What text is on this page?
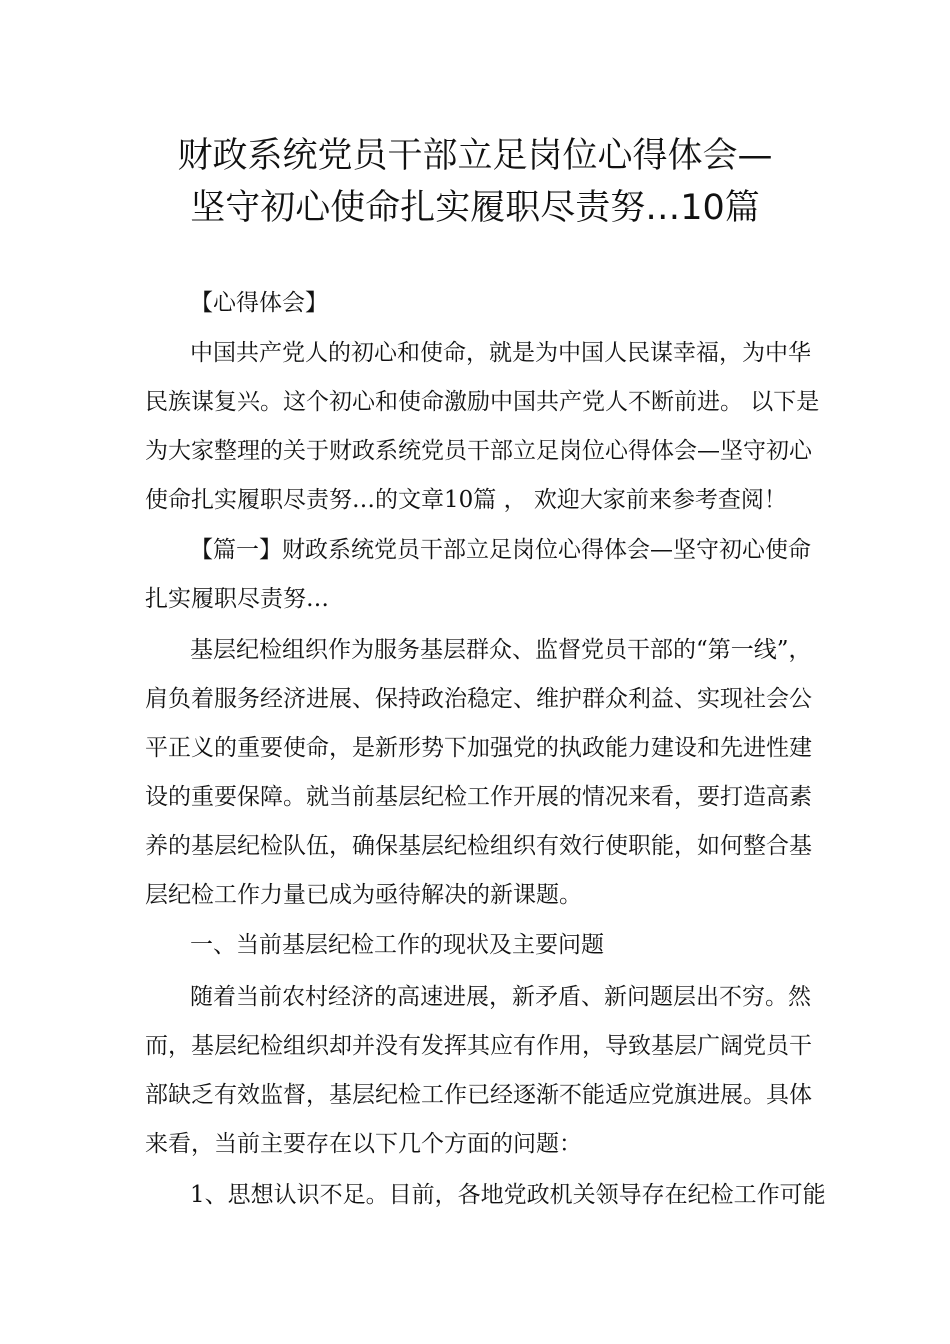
财政系统党员干部立足岗位心得体会—
坚守初心使命扎实履职尽责努…10篇
【心得体会】
中国共产党人的初心和使命，就是为中国人民谋幸福，为中华
民族谋复兴。这个初心和使命激励中国共产党人不断前进。 以下是
为大家整理的关于财政系统党员干部立足岗位心得体会—坚守初心
使命扎实履职尽责努…的文章10篇 ， 欢迎大家前来参考查阅！
【篇一】财政系统党员干部立足岗位心得体会—坚守初心使命
扎实履职尽责努…
基层纪检组织作为服务基层群众、监督党员干部的“第一线”，
肩负着服务经济进展、保持政治稳定、维护群众利益、实现社会公
平正义的重要使命，是新形势下加强党的执政能力建设和先进性建
设的重要保障。就当前基层纪检工作开展的情况来看，要打造高素
养的基层纪检队伍，确保基层纪检组织有效行使职能，如何整合基
层纪检工作力量已成为亟待解决的新课题。
一、当前基层纪检工作的现状及主要问题
随着当前农村经济的高速进展，新矛盾、新问题层出不穷。然
而，基层纪检组织却并没有发挥其应有作用，导致基层广阔党员干
部缺乏有效监督，基层纪检工作已经逐渐不能适应党旗进展。具体
来看，当前主要存在以下几个方面的问题：
1、思想认识不足。目前，各地党政机关领导存在纪检工作可能
